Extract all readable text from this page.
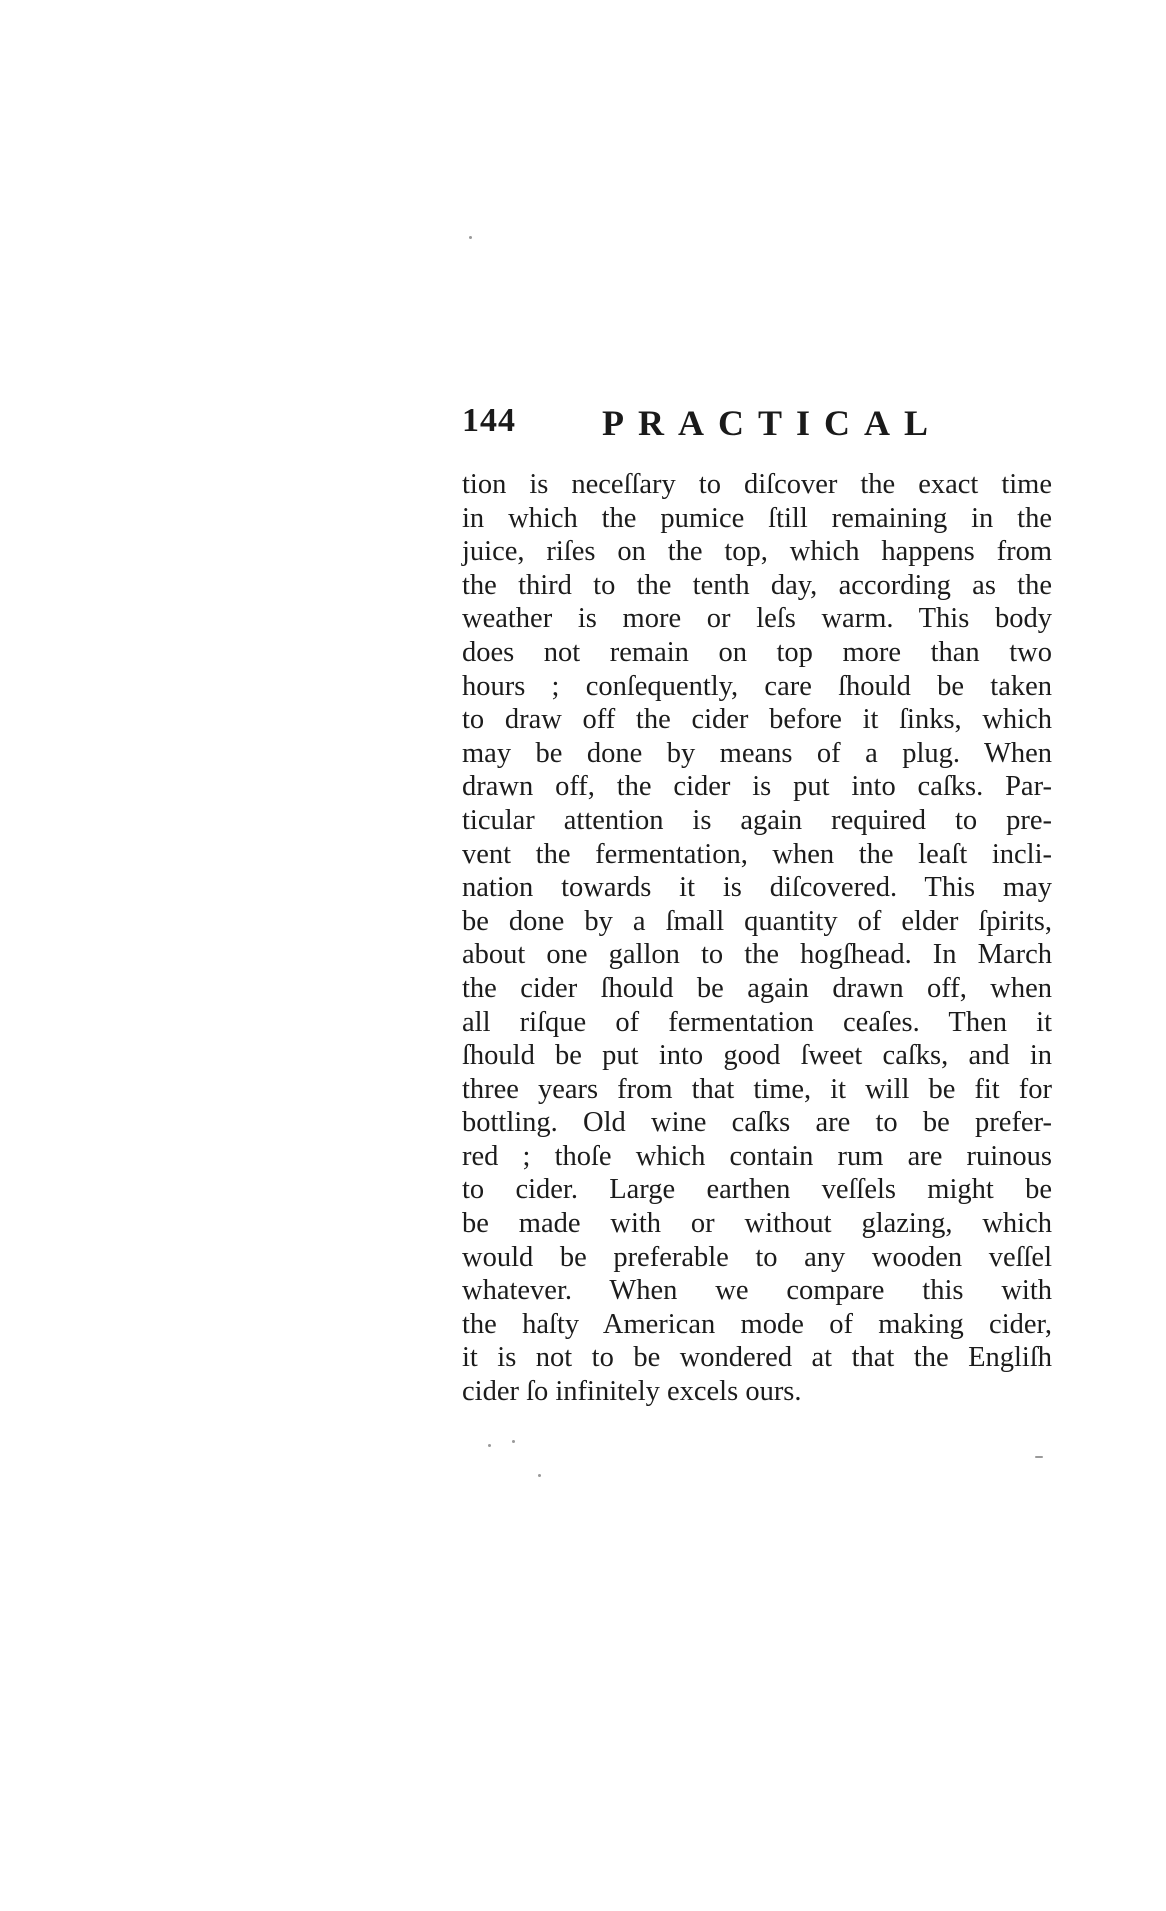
144 PRACTICAL
tion is neceſſary to diſcover the exact time
in which the pumice ſtill remaining in the
juice, riſes on the top, which happens from
the third to the tenth day, according as the
weather is more or leſs warm. This body
does not remain on top more than two
hours ; conſequently, care ſhould be taken
to draw off the cider before it ſinks, which
may be done by means of a plug. When
drawn off, the cider is put into caſks. Par-
ticular attention is again required to pre-
vent the fermentation, when the leaſt incli-
nation towards it is diſcovered. This may
be done by a ſmall quantity of elder ſpirits,
about one gallon to the hogſhead. In March
the cider ſhould be again drawn off, when
all riſque of fermentation ceaſes. Then it
ſhould be put into good ſweet caſks, and in
three years from that time, it will be fit for
bottling. Old wine caſks are to be prefer-
red ; thoſe which contain rum are ruinous
to cider. Large earthen veſſels might be
be made with or without glazing, which
would be preferable to any wooden veſſel
whatever. When we compare this with
the haſty American mode of making cider,
it is not to be wondered at that the Engliſh
cider ſo infinitely excels ours.
